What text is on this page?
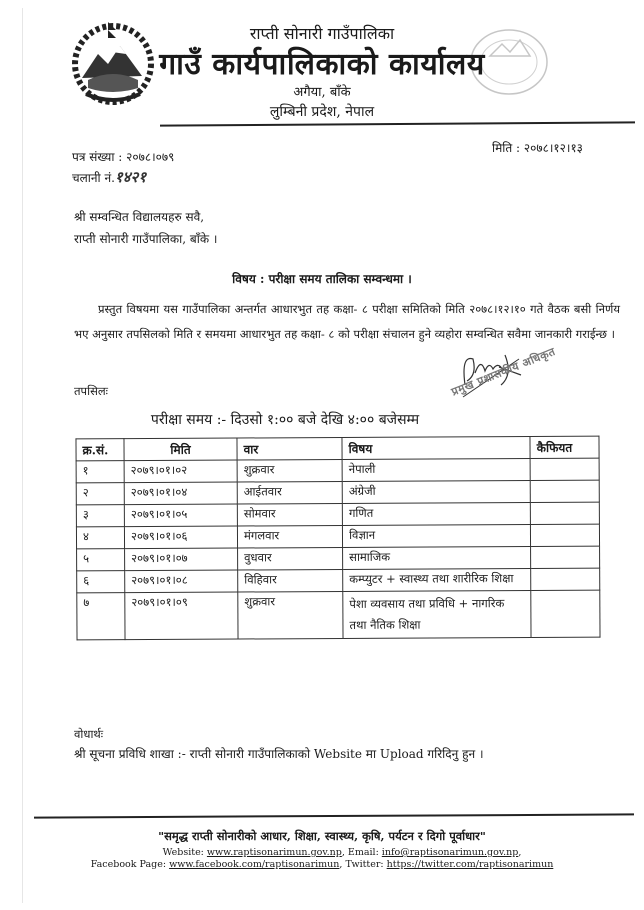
राप्ती सोनारी गाउँपालिका
गाउँ कार्यपालिकाको कार्यालय
अगैया, बाँके
लुम्बिनी प्रदेश, नेपाल
पत्र संख्या : २०७८।०७९
चलानी नं.१४२१
मिति : २०७८।१२।१३
श्री सम्वन्धित विद्यालयहरु सवै,
राप्ती सोनारी गाउँपालिका, बाँके ।
विषय : परीक्षा समय तालिका सम्वन्धमा ।
प्रस्तुत विषयमा यस गाउँपालिका अन्तर्गत आधारभुत तह कक्षा- ८ परीक्षा समितिको मिति २०७८।१२।१० गते वैठक बसी निर्णय भए अनुसार तपसिलको मिति र समयमा आधारभुत तह कक्षा- ८ को परीक्षा संचालन हुने व्यहोरा सम्वन्धित सवैमा जानकारी गराईन्छ ।
तपसिलः	प्रमुख प्रशासकीय अधिकृत
परीक्षा समय :- दिउसो १:०० बजे देखि ४:०० बजेसम्म
क्र.सं.	मिति	वार	विषय	कैफियत
१	२०७९।०१।०२	शुक्रवार	नेपाली	
२	२०७९।०१।०४	आईतवार	अंग्रेजी	
३	२०७९।०१।०५	सोमवार	गणित	
४	२०७९।०१।०६	मंगलवार	विज्ञान	
५	२०७९।०१।०७	वुधवार	सामाजिक	
६	२०७९।०१।०८	विहिवार	कम्प्युटर + स्वास्थ्य तथा शारीरिक शिक्षा	
७	२०७९।०१।०९	शुक्रवार	पेशा व्यवसाय तथा प्रविधि + नागरिक तथा नैतिक शिक्षा	
वोधार्थः
श्री सूचना प्रविधि शाखा :- राप्ती सोनारी गाउँपालिकाको Website मा Upload गरिदिनु हुन ।
"समृद्ध राप्ती सोनारीको आधार, शिक्षा, स्वास्थ्य, कृषि, पर्यटन र दिगो पूर्वाधार"
Website: www.raptisonarimun.gov.np, Email: info@raptisonarimun.gov.np,
Facebook Page: www.facebook.com/raptisonarimun, Twitter: https://twitter.com/raptisonarimun
